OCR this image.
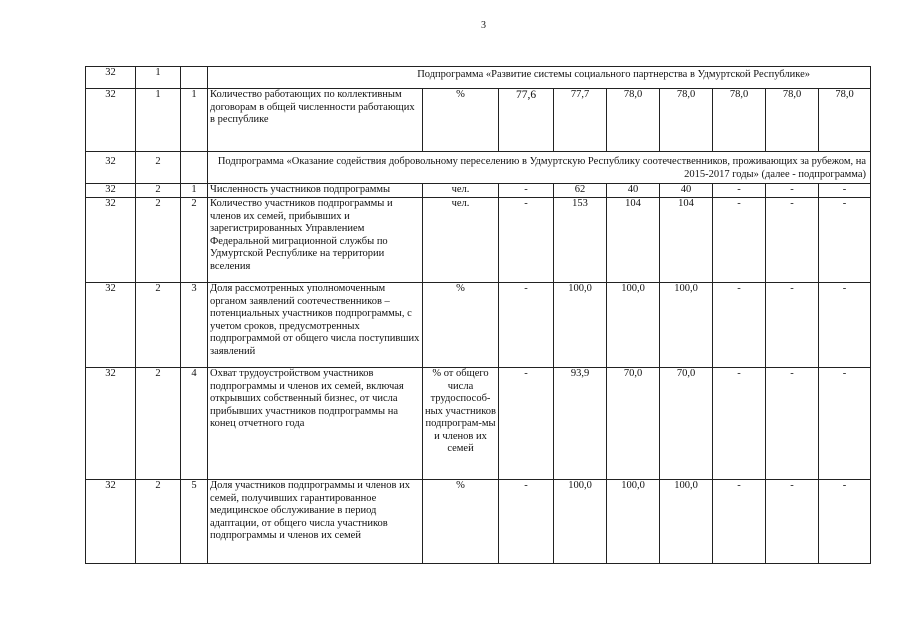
3
32	1		Подпрограмма «Развитие системы социального партнерства в Удмуртской Республике»								
32	1	1	Количество работающих по коллективным договорам в общей численности работающих в республике	%	77,6	77,7	78,0	78,0	78,0	78,0	78,0
32	2		Подпрограмма «Оказание содействия добровольному переселению в Удмуртскую Республику соотечественников, проживающих за рубежом, на 2015-2017 годы» (далее - подпрограмма)								
32	2	1	Численность участников подпрограммы	чел.	-	62	40	40	-	-	-
32	2	2	Количество участников подпрограммы и членов их семей, прибывших и зарегистрированных Управлением Федеральной миграционной службы по Удмуртской Республике на территории вселения	чел.	-	153	104	104	-	-	-
32	2	3	Доля рассмотренных уполномоченным органом заявлений соотечественников – потенциальных участников подпрограммы, с учетом сроков, предусмотренных подпрограммой от общего числа поступивших заявлений	%	-	100,0	100,0	100,0	-	-	-
32	2	4	Охват трудоустройством участников подпрограммы и членов их семей, включая открывших собственный бизнес, от числа прибывших участников подпрограммы на конец отчетного года	% от общего числа трудоспособ-ных участников подпрограм-мы и членов их семей	-	93,9	70,0	70,0	-	-	-
32	2	5	Доля участников подпрограммы и членов их семей, получивших гарантированное медицинское обслуживание в период адаптации, от общего числа участников подпрограммы и членов их семей	%	-	100,0	100,0	100,0	-	-	-
